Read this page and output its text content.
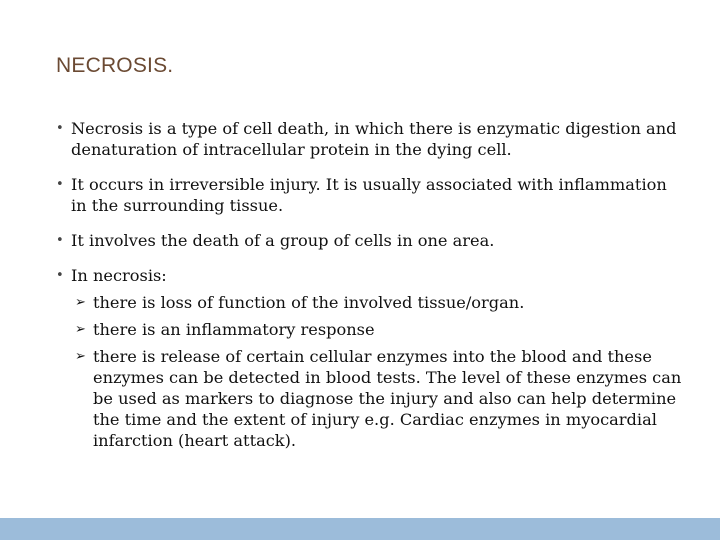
NECROSIS.
• Necrosis is a type of cell death, in which there is enzymatic digestion and denaturation of intracellular protein in the dying cell.
• It occurs in irreversible injury. It is usually associated with inflammation in the surrounding tissue.
• It involves the death of a group of cells in one area.
• In necrosis:
➢ there is loss of function of the involved tissue/organ.
➢ there is an inflammatory response
➢ there is release of certain cellular enzymes into the blood and these enzymes can be detected in blood tests. The level of these enzymes can be used as markers to diagnose the injury and also can help determine the time and the extent of injury e.g. Cardiac enzymes in myocardial infarction (heart attack).
